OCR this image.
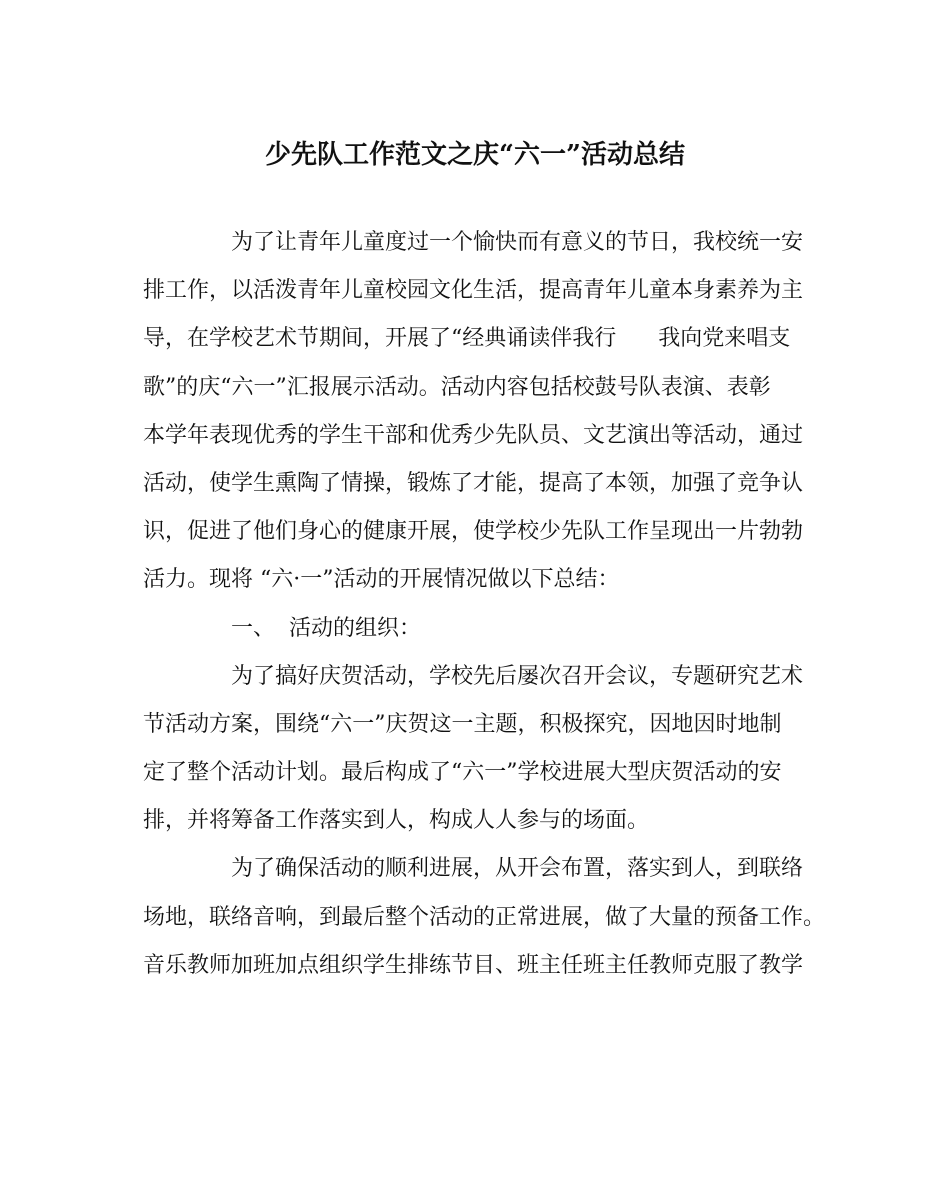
少先队工作范文之庆“六一”活动总结
为了让青年儿童度过一个愉快而有意义的节日，我校统一安
排工作，以活泼青年儿童校园文化生活，提高青年儿童本身素养为主
导，在学校艺术节期间，开展了“经典诵读伴我行      我向党来唱支
歌”的庆“六一”汇报展示活动。活动内容包括校鼓号队表演、表彰
本学年表现优秀的学生干部和优秀少先队员、文艺演出等活动，通过
活动，使学生熏陶了情操，锻炼了才能，提高了本领，加强了竞争认
识，促进了他们身心的健康开展，使学校少先队工作呈现出一片勃勃
活力。现将 “六·一”活动的开展情况做以下总结：
一、  活动的组织：
为了搞好庆贺活动，学校先后屡次召开会议，专题研究艺术
节活动方案，围绕“六一”庆贺这一主题，积极探究，因地因时地制
定了整个活动计划。最后构成了“六一”学校进展大型庆贺活动的安
排，并将筹备工作落实到人，构成人人参与的场面。
为了确保活动的顺利进展，从开会布置，落实到人，到联络
场地，联络音响，到最后整个活动的正常进展，做了大量的预备工作。
音乐教师加班加点组织学生排练节目、班主任班主任教师克服了教学
